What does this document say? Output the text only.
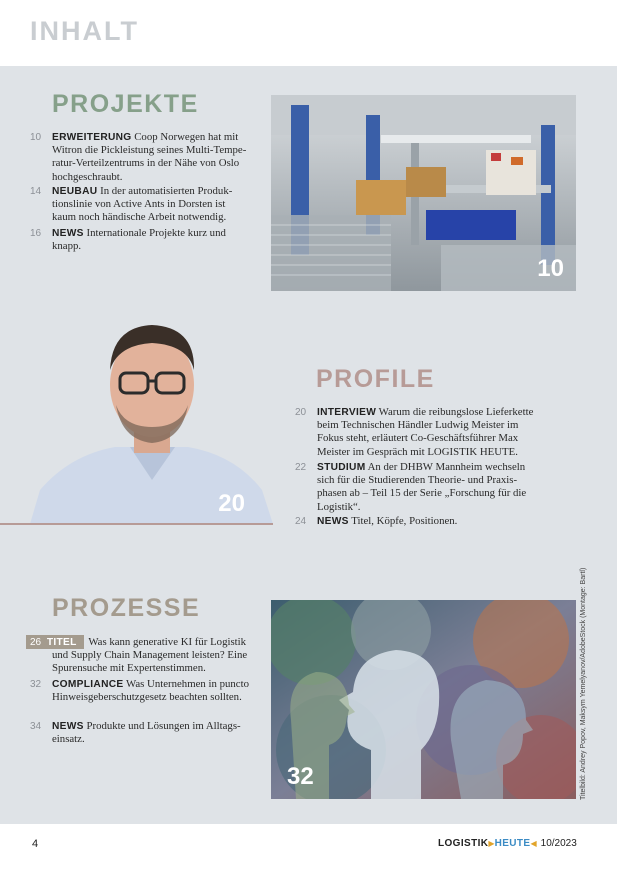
INHALT
PROJEKTE
10 ERWEITERUNG Coop Norwegen hat mit Witron die Pickleistung seines Multi-Tempe-ratur-Verteilzentrums in der Nähe von Oslo hochgeschraubt.
14 NEUBAU In der automatisierten Produk-tionslinie von Active Ants in Dorsten ist kaum noch händische Arbeit notwendig.
16 NEWS Internationale Projekte kurz und knapp.
10
20
PROFILE
20 INTERVIEW Warum die reibungslose Lieferkette beim Technischen Händler Ludwig Meister im Fokus steht, erläutert Co-Geschäftsführer Max Meister im Gespräch mit LOGISTIK HEUTE.
22 STUDIUM An der DHBW Mannheim wechseln sich für die Studierenden Theorie- und Praxis-phasen ab – Teil 15 der Serie „Forschung für die Logistik“.
24 NEWS Titel, Köpfe, Positionen.
PROZESSE
26 TITEL Was kann generative KI für Logistik und Supply Chain Management leisten? Eine Spurensuche mit Expertenstimmen.
32 COMPLIANCE Was Unternehmen in puncto Hinweisgeberschutzgesetz beachten sollten.
34 NEWS Produkte und Lösungen im Alltags-einsatz.
32	Titelbild: Andrey Popov, Maksym Yemelyanov/AdobeStock (Montage: Bartl)
4	LOGISTIK▶HEUTE◀ 10/2023
